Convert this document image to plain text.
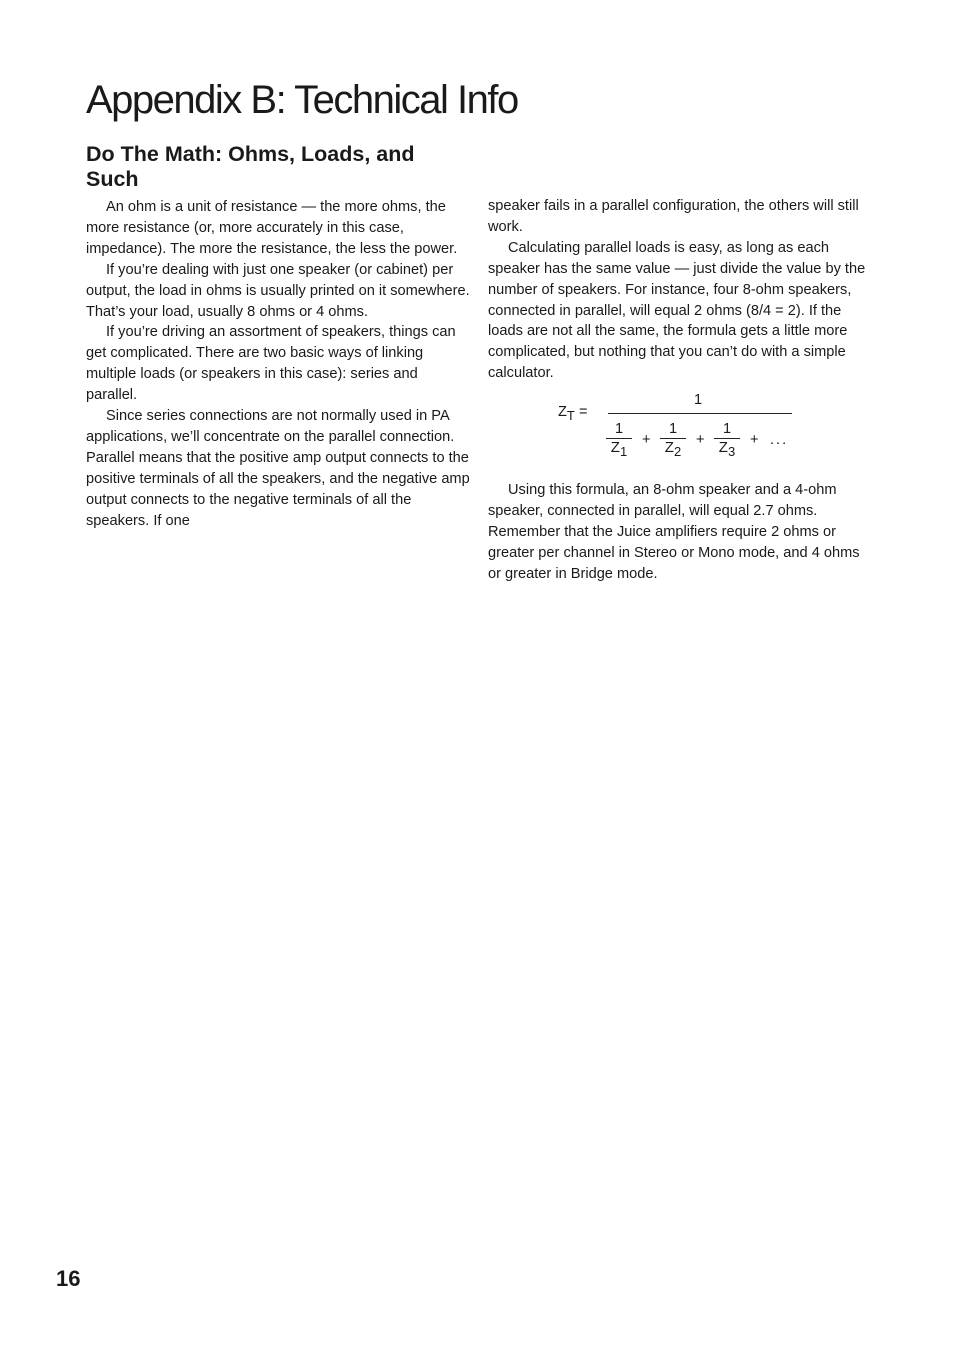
Appendix B: Technical Info
Do The Math: Ohms, Loads, and Such

An ohm is a unit of resistance — the more ohms, the more resistance (or, more accurately in this case, impedance). The more the resistance, the less the power.

If you’re dealing with just one speaker (or cabinet) per output, the load in ohms is usually printed on it somewhere. That’s your load, usually 8 ohms or 4 ohms.

If you’re driving an assortment of speakers, things can get complicated. There are two basic ways of linking multiple loads (or speakers in this case): series and parallel.

Since series connections are not normally used in PA applications, we’ll concentrate on the parallel connection. Parallel means that the positive amp output connects to the positive terminals of all the speakers, and the negative amp output connects to the negative terminals of all the speakers. If one

speaker fails in a parallel configuration, the others will still work.

Calculating parallel loads is easy, as long as each speaker has the same value — just divide the value by the number of speakers. For instance, four 8-ohm speakers, connected in parallel, will equal 2 ohms (8/4 = 2). If the loads are not all the same, the formula gets a little more complicated, but nothing that you can’t do with a simple calculator.

$Z_T$ =
1
$\frac{1}{Z_1} + \frac{1}{Z_2} + \frac{1}{Z_3}$ + ...

Using this formula, an 8-ohm speaker and a 4-ohm speaker, connected in parallel, will equal 2.7 ohms. Remember that the Juice amplifiers require 2 ohms or greater per channel in Stereo or Mono mode, and 4 ohms or greater in Bridge mode.

16
